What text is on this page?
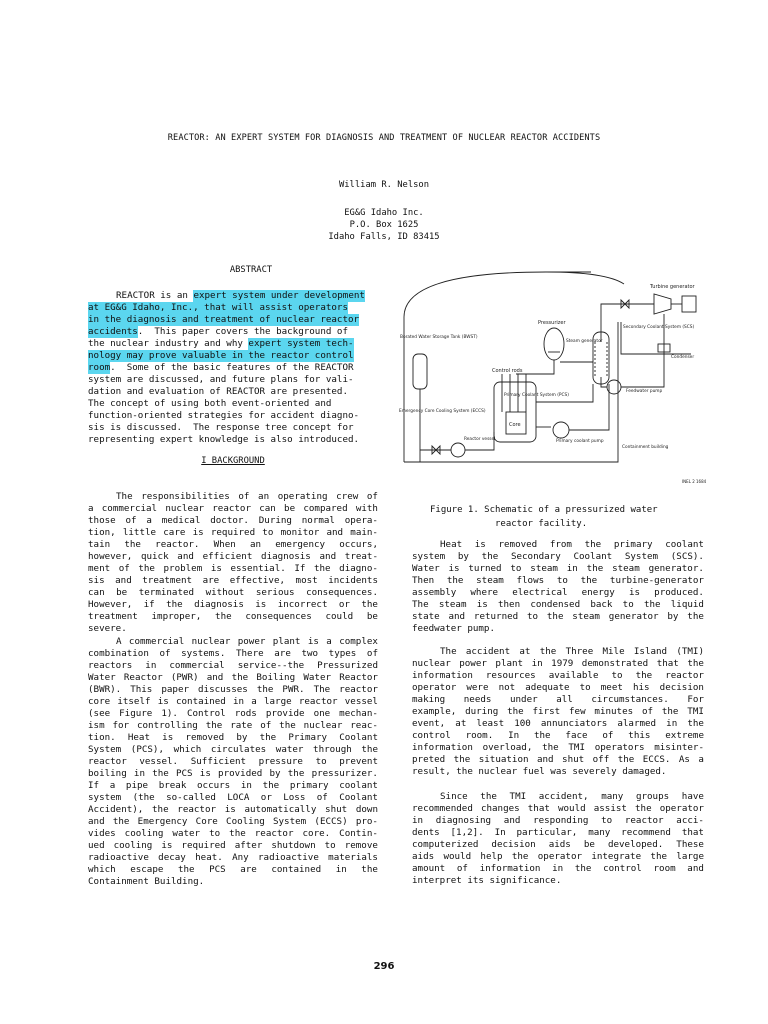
REACTOR: AN EXPERT SYSTEM FOR DIAGNOSIS AND TREATMENT OF NUCLEAR REACTOR ACCIDENTS
William R. Nelson
EG&G Idaho Inc.
P.O. Box 1625
Idaho Falls, ID 83415
ABSTRACT
REACTOR is an expert system under development
at EG&G Idaho, Inc., that will assist operators
in the diagnosis and treatment of nuclear reactor
accidents .  This paper covers the background of
the nuclear industry and why expert system tech-
nology may prove valuable in the reactor control
room .  Some of the basic features of the REACTOR
system are discussed, and future plans for vali-
dation and evaluation of REACTOR are presented.
The concept of using both event-oriented and
function-oriented strategies for accident diagno-
sis is discussed.  The response tree concept for
representing expert knowledge is also introduced.
I BACKGROUND
The responsibilities of an operating crew of
a commercial nuclear reactor can be compared with
those of a medical doctor. During normal opera-
tion, little care is required to monitor and main-
tain the reactor. When an emergency occurs,
however, quick and efficient diagnosis and treat-
ment of the problem is essential. If the diagno-
sis and treatment are effective, most incidents
can be terminated without serious consequences.
However, if the diagnosis is incorrect or the
treatment improper, the consequences could be
severe.
A commercial nuclear power plant is a complex
combination of systems. There are two types of
reactors in commercial service--the Pressurized
Water Reactor (PWR) and the Boiling Water Reactor
(BWR). This paper discusses the PWR. The reactor
core itself is contained in a large reactor vessel
(see Figure 1). Control rods provide one mechan-
ism for controlling the rate of the nuclear reac-
tion. Heat is removed by the Primary Coolant
System (PCS), which circulates water through the
reactor vessel. Sufficient pressure to prevent
boiling in the PCS is provided by the pressurizer.
If a pipe break occurs in the primary coolant
system (the so-called LOCA or Loss of Coolant
Accident), the reactor is automatically shut down
and the Emergency Core Cooling System (ECCS) pro-
vides cooling water to the reactor core. Contin-
ued cooling is required after shutdown to remove
radioactive decay heat. Any radioactive materials
which escape the PCS are contained in the
Containment Building.
Turbine generator
Pressurizer
Steam generator
Secondary Coolant System (SCS)
Condenser
Borated Water Storage Tank (BWST)
Control rods
Primary Coolant System (PCS)
Feedwater pump
Emergency Core Cooling System (ECCS)
Core
Reactor vessel	Primary coolant pump
Containment building
INEL 2 1684
Figure 1. Schematic of a pressurized water
reactor facility.
Heat is removed from the primary coolant
system by the Secondary Coolant System (SCS).
Water is turned to steam in the steam generator.
Then the steam flows to the turbine-generator
assembly where electrical energy is produced.
The steam is then condensed back to the liquid
state and returned to the steam generator by the
feedwater pump.
The accident at the Three Mile Island (TMI)
nuclear power plant in 1979 demonstrated that the
information resources available to the reactor
operator were not adequate to meet his decision
making needs under all circumstances. For
example, during the first few minutes of the TMI
event, at least 100 annunciators alarmed in the
control room. In the face of this extreme
information overload, the TMI operators misinter-
preted the situation and shut off the ECCS. As a
result, the nuclear fuel was severely damaged.
Since the TMI accident, many groups have
recommended changes that would assist the operator
in diagnosing and responding to reactor acci-
dents [1,2]. In particular, many recommend that
computerized decision aids be developed. These
aids would help the operator integrate the large
amount of information in the control room and
interpret its significance.
296
